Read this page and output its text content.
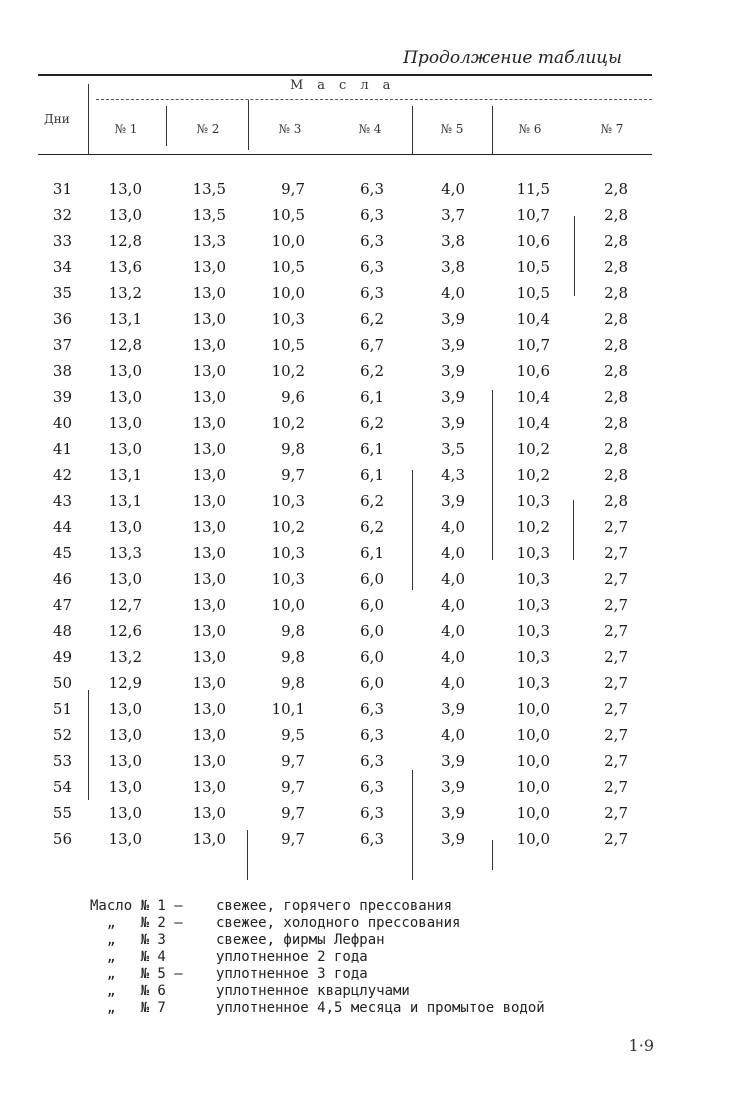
Продолжение таблицы
Масла
Дни
№ 1	№ 2	№ 3	№ 4	№ 5	№ 6	№ 7
31 13,0	13,5	9,7	6,3	4,0	11,5	2,8
32 13,0	13,5	10,5	6,3	3,7	10,7	2,8
33 12,8	13,3	10,0	6,3	3,8	10,6	2,8
34 13,6	13,0	10,5	6,3	3,8	10,5	2,8
35 13,2	13,0	10,0	6,3	4,0	10,5	2,8
36 13,1	13,0	10,3	6,2	3,9	10,4	2,8
37 12,8	13,0	10,5	6,7	3,9	10,7	2,8
38 13,0	13,0	10,2	6,2	3,9	10,6	2,8
39 13,0	13,0	9,6	6,1	3,9	10,4	2,8
40 13,0	13,0	10,2	6,2	3,9	10,4	2,8
41 13,0	13,0	9,8	6,1	3,5	10,2	2,8
42 13,1	13,0	9,7	6,1	4,3	10,2	2,8
43 13,1	13,0	10,3	6,2	3,9	10,3	2,8
44 13,0	13,0	10,2	6,2	4,0	10,2	2,7
45 13,3	13,0	10,3	6,1	4,0	10,3	2,7
46 13,0	13,0	10,3	6,0	4,0	10,3	2,7
47 12,7	13,0	10,0	6,0	4,0	10,3	2,7
48 12,6	13,0	9,8	6,0	4,0	10,3	2,7
49 13,2	13,0	9,8	6,0	4,0	10,3	2,7
50 12,9	13,0	9,8	6,0	4,0	10,3	2,7
51 13,0	13,0	10,1	6,3	3,9	10,0	2,7
52 13,0	13,0	9,5	6,3	4,0	10,0	2,7
53 13,0	13,0	9,7	6,3	3,9	10,0	2,7
54 13,0	13,0	9,7	6,3	3,9	10,0	2,7
55 13,0	13,0	9,7	6,3	3,9	10,0	2,7
56 13,0	13,0	9,7	6,3	3,9	10,0	2,7
Масло № 1 — свежее, горячего прессования
„   № 2 — свежее, холодного прессования
„   № 3  свежее, фирмы Лефран
„   № 4  уплотненное 2 года
„   № 5 — уплотненное 3 года
„   № 6  уплотненное кварцлучами
„   № 7  уплотненное 4,5 месяца и промытое водой
1·9
